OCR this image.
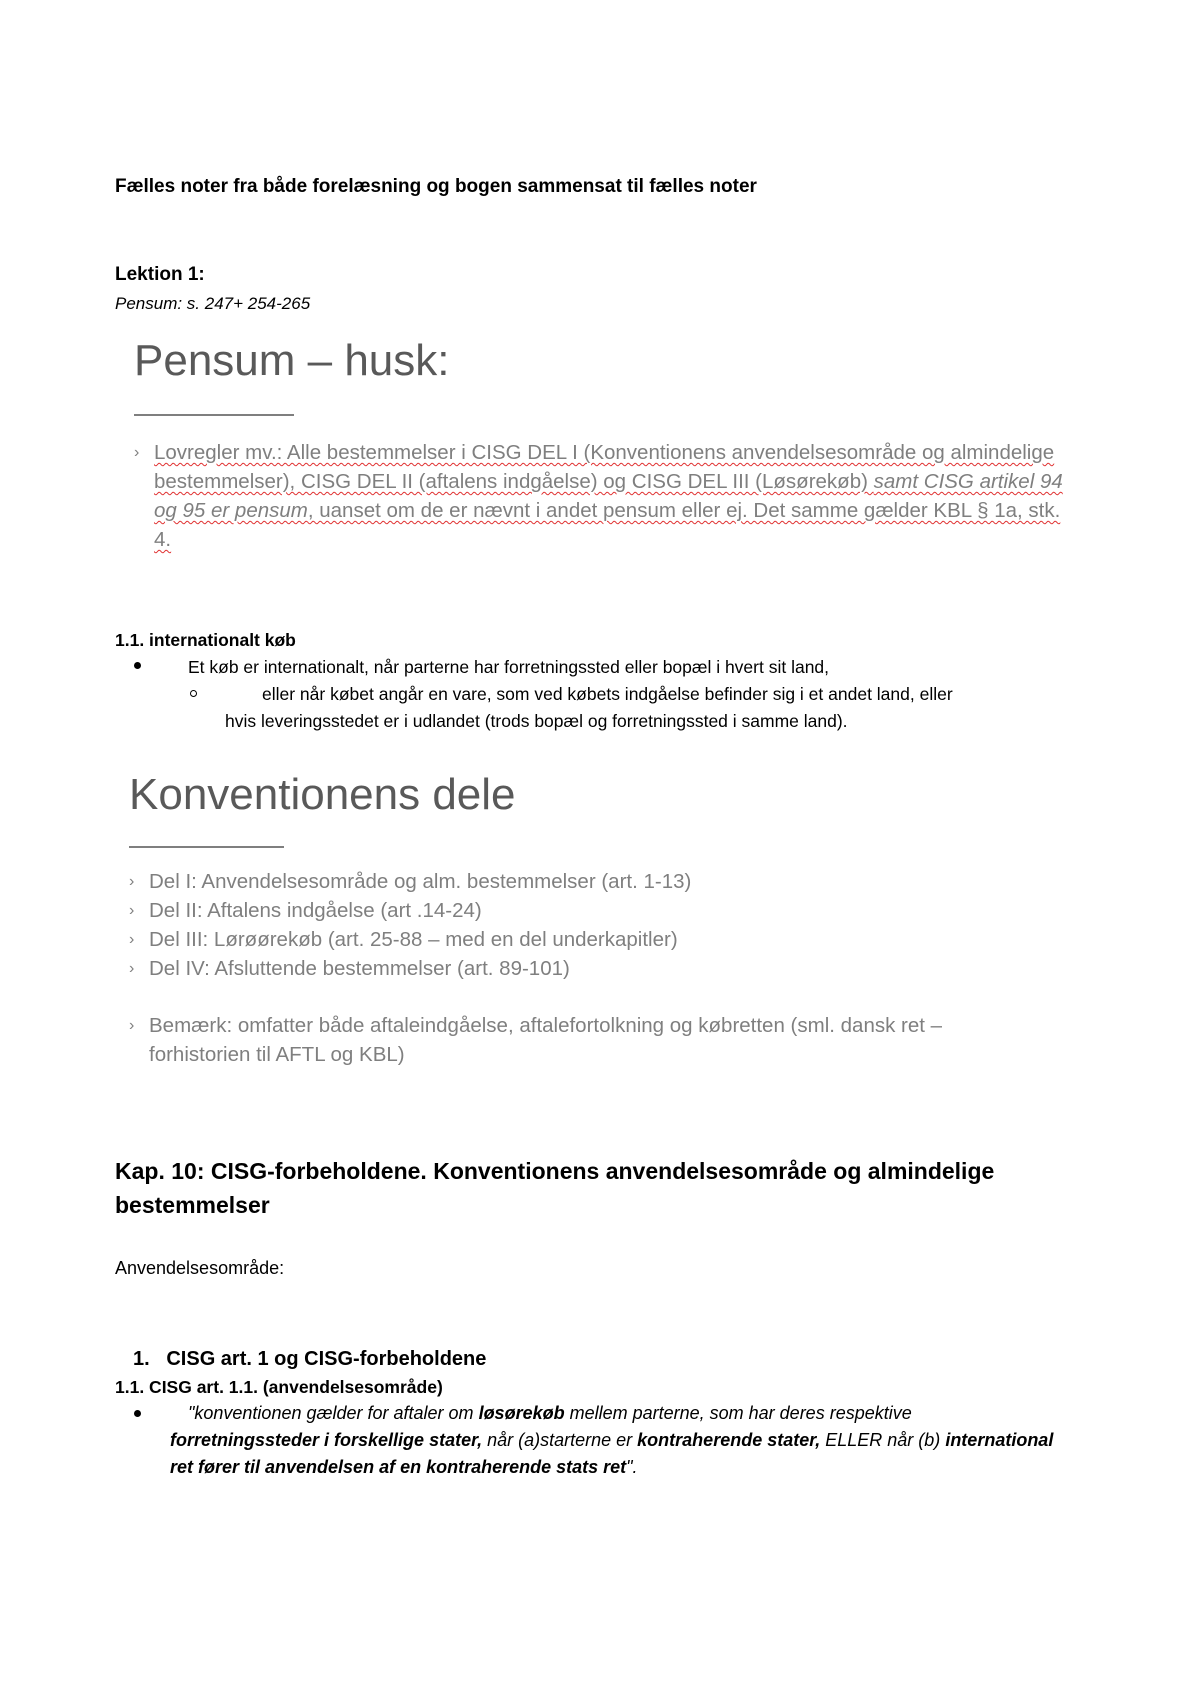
Fælles noter fra både forelæsning og bogen sammensat til fælles noter
Lektion 1:
Pensum: s. 247+ 254-265
Pensum – husk:
› Lovregler mv.: Alle bestemmelser i CISG DEL I (Konventionens anvendelsesområde og almindelige bestemmelser), CISG DEL II (aftalens indgåelse) og CISG DEL III (Løsørekøb) samt CISG artikel 94 og 95 er pensum, uanset om de er nævnt i andet pensum eller ej. Det samme gælder KBL § 1a, stk. 4.
1.1. internationalt køb
Et køb er internationalt, når parterne har forretningssted eller bopæl i hvert sit land,
eller når købet angår en vare, som ved købets indgåelse befinder sig i et andet land, eller
hvis leveringsstedet er i udlandet (trods bopæl og forretningssted i samme land).
Konventionens dele
› Del I: Anvendelsesområde og alm. bestemmelser (art. 1-13)
› Del II: Aftalens indgåelse (art .14-24)
› Del III: Lørøørekøb (art. 25-88 – med en del underkapitler)
› Del IV: Afsluttende bestemmelser (art. 89-101)
› Bemærk: omfatter både aftaleindgåelse, aftalefortolkning og købretten (sml. dansk ret – forhistorien til AFTL og KBL)
Kap. 10: CISG-forbeholdene. Konventionens anvendelsesområde og almindelige bestemmelser
Anvendelsesområde:
1.   CISG art. 1 og CISG-forbeholdene
1.1. CISG art. 1.1. (anvendelsesområde)
"konventionen gælder for aftaler om løsørekøb mellem parterne, som har deres respektive forretningssteder i forskellige stater, når (a)starterne er kontraherende stater, ELLER når (b) international ret fører til anvendelsen af en kontraherende stats ret".
